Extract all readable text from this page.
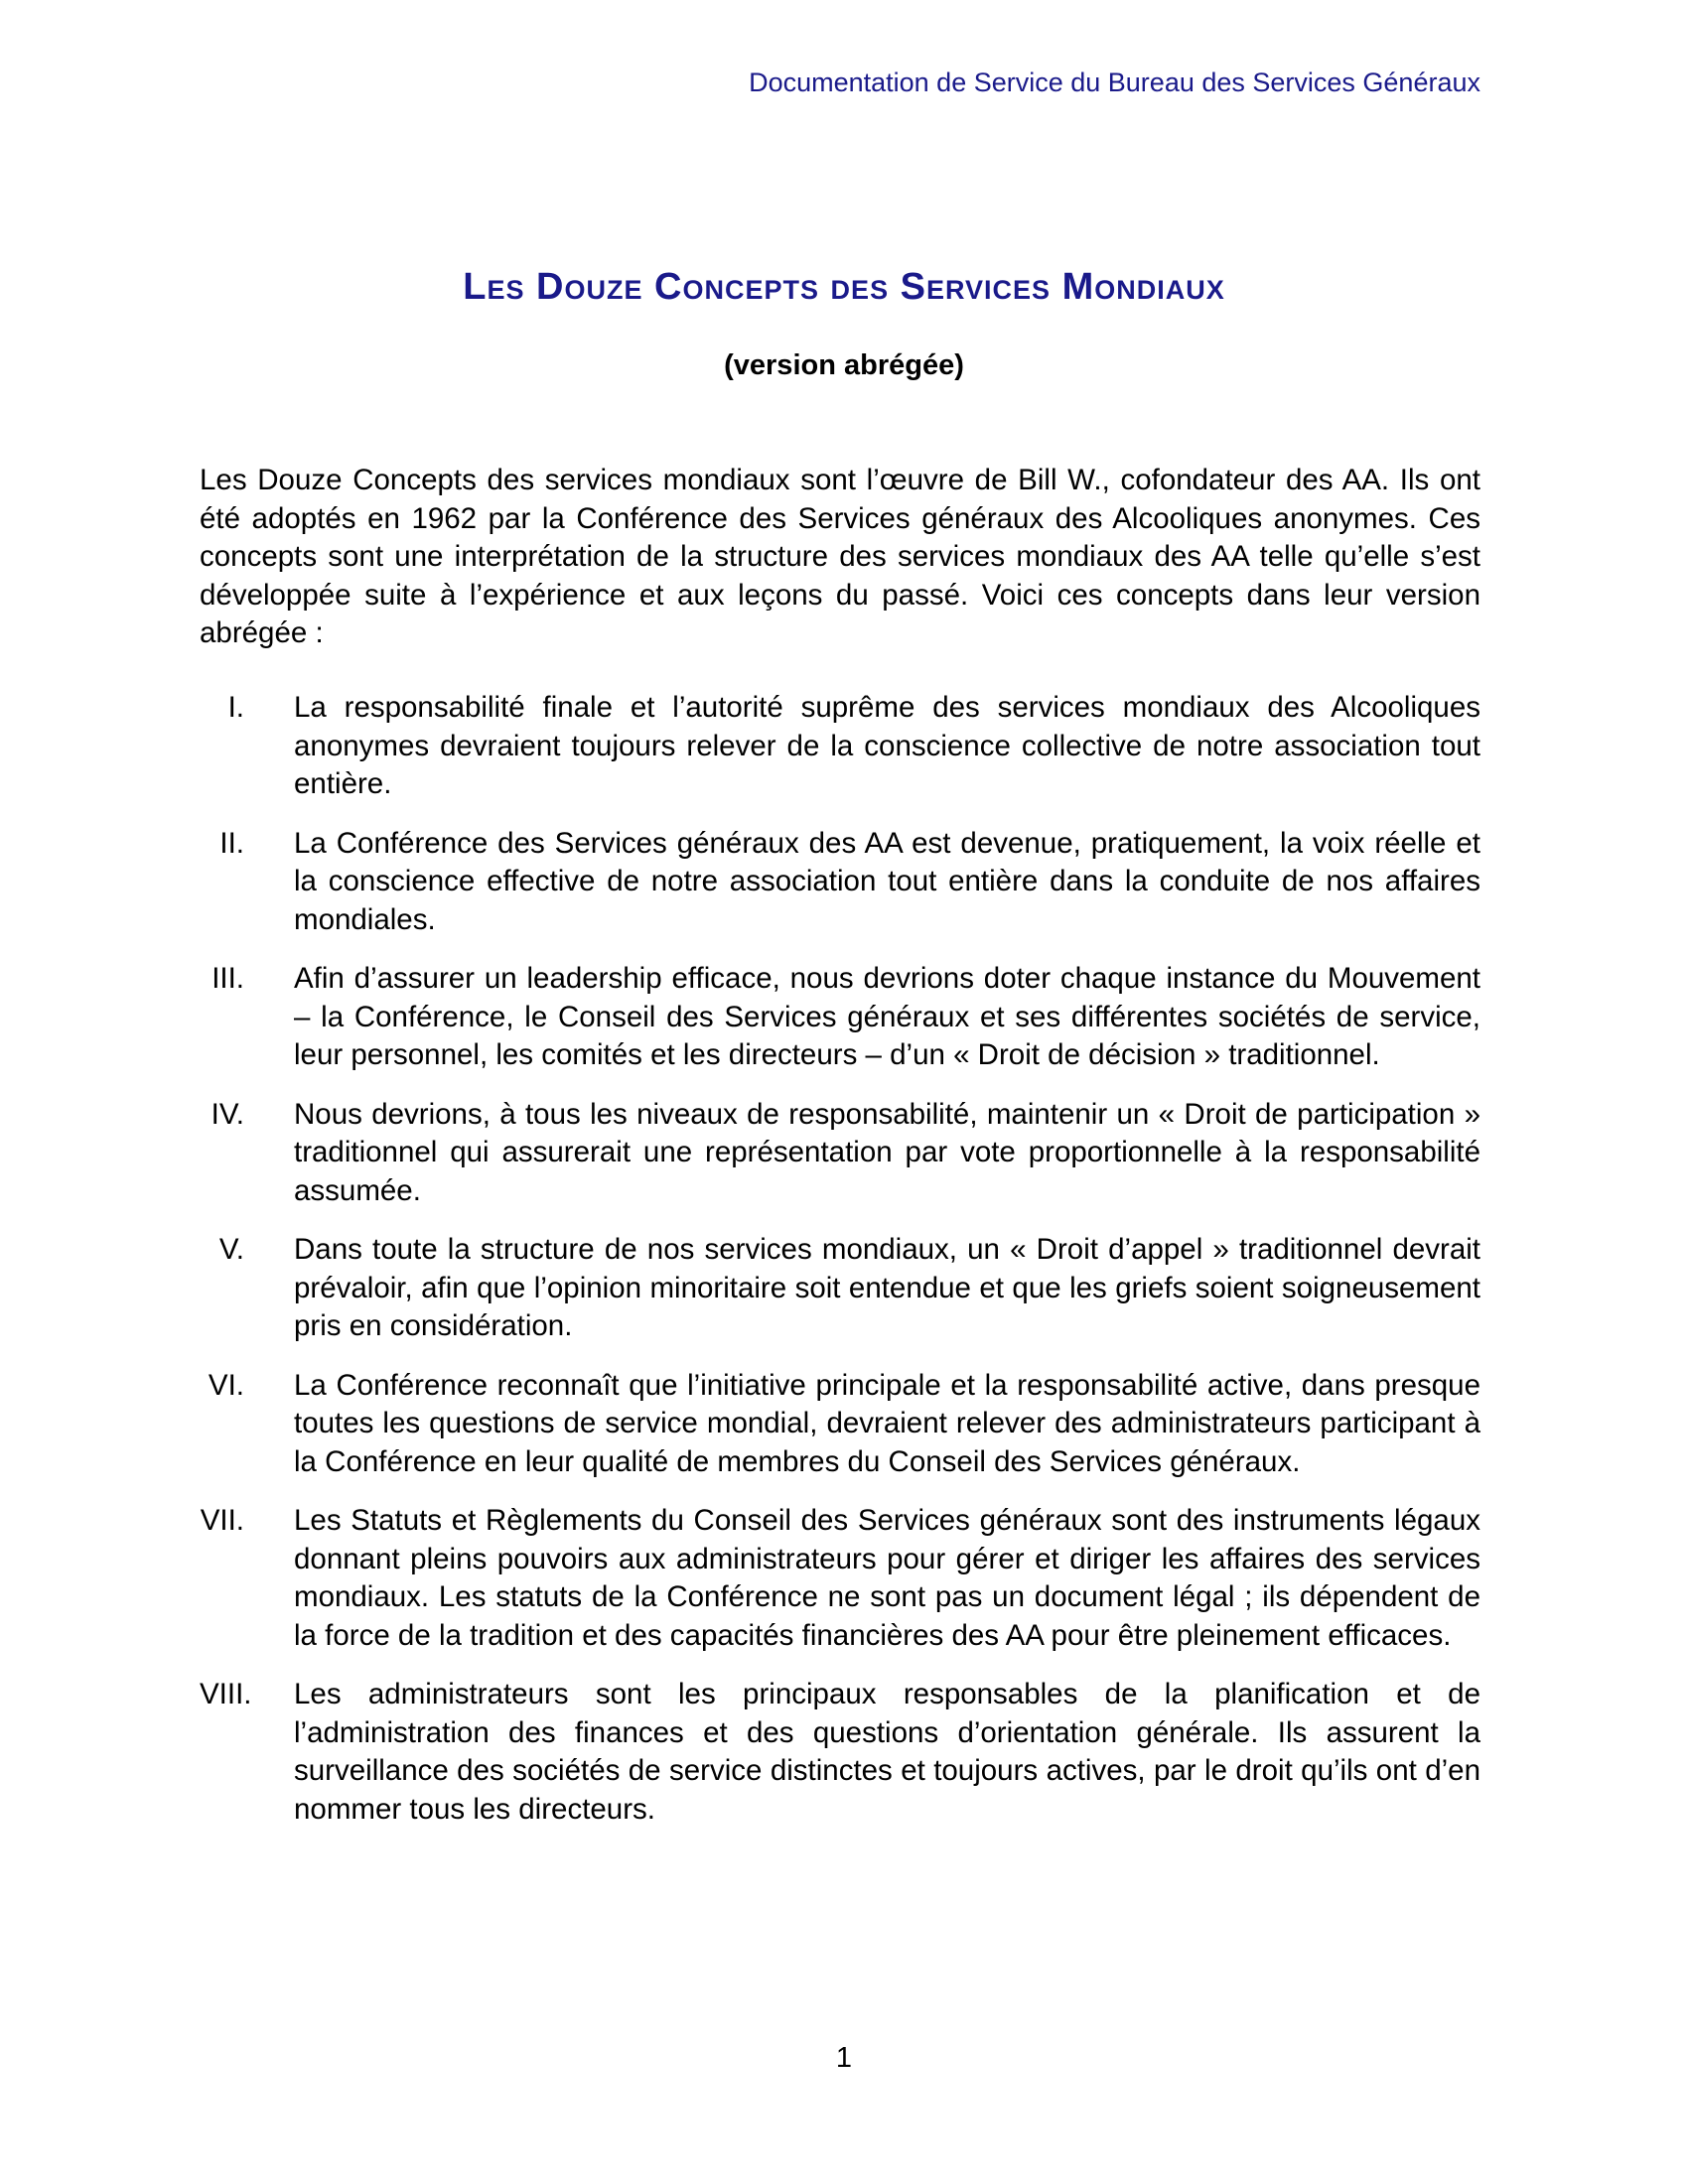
Documentation de Service du Bureau des Services Généraux
Les Douze Concepts des Services Mondiaux
(version abrégée)

Les Douze Concepts des services mondiaux sont l’œuvre de Bill W., cofondateur des AA. Ils ont été adoptés en 1962 par la Conférence des Services généraux des Alcooliques anonymes. Ces concepts sont une interprétation de la structure des services mondiaux des AA telle qu’elle s’est développée suite à l’expérience et aux leçons du passé. Voici ces concepts dans leur version abrégée :

I. La responsabilité finale et l’autorité suprême des services mondiaux des Alcooliques anonymes devraient toujours relever de la conscience collective de notre association tout entière.
II. La Conférence des Services généraux des AA est devenue, pratiquement, la voix réelle et la conscience effective de notre association tout entière dans la conduite de nos affaires mondiales.
III. Afin d’assurer un leadership efficace, nous devrions doter chaque instance du Mouvement – la Conférence, le Conseil des Services généraux et ses différentes sociétés de service, leur personnel, les comités et les directeurs – d’un « Droit de décision » traditionnel.
IV. Nous devrions, à tous les niveaux de responsabilité, maintenir un « Droit de participation » traditionnel qui assurerait une représentation par vote proportionnelle à la responsabilité assumée.
V. Dans toute la structure de nos services mondiaux, un « Droit d’appel » traditionnel devrait prévaloir, afin que l’opinion minoritaire soit entendue et que les griefs soient soigneusement pris en considération.
VI. La Conférence reconnaît que l’initiative principale et la responsabilité active, dans presque toutes les questions de service mondial, devraient relever des administrateurs participant à la Conférence en leur qualité de membres du Conseil des Services généraux.
VII. Les Statuts et Règlements du Conseil des Services généraux sont des instruments légaux donnant pleins pouvoirs aux administrateurs pour gérer et diriger les affaires des services mondiaux. Les statuts de la Conférence ne sont pas un document légal ; ils dépendent de la force de la tradition et des capacités financières des AA pour être pleinement efficaces.
VIII. Les administrateurs sont les principaux responsables de la planification et de l’administration des finances et des questions d’orientation générale. Ils assurent la surveillance des sociétés de service distinctes et toujours actives, par le droit qu’ils ont d’en nommer tous les directeurs.
1
